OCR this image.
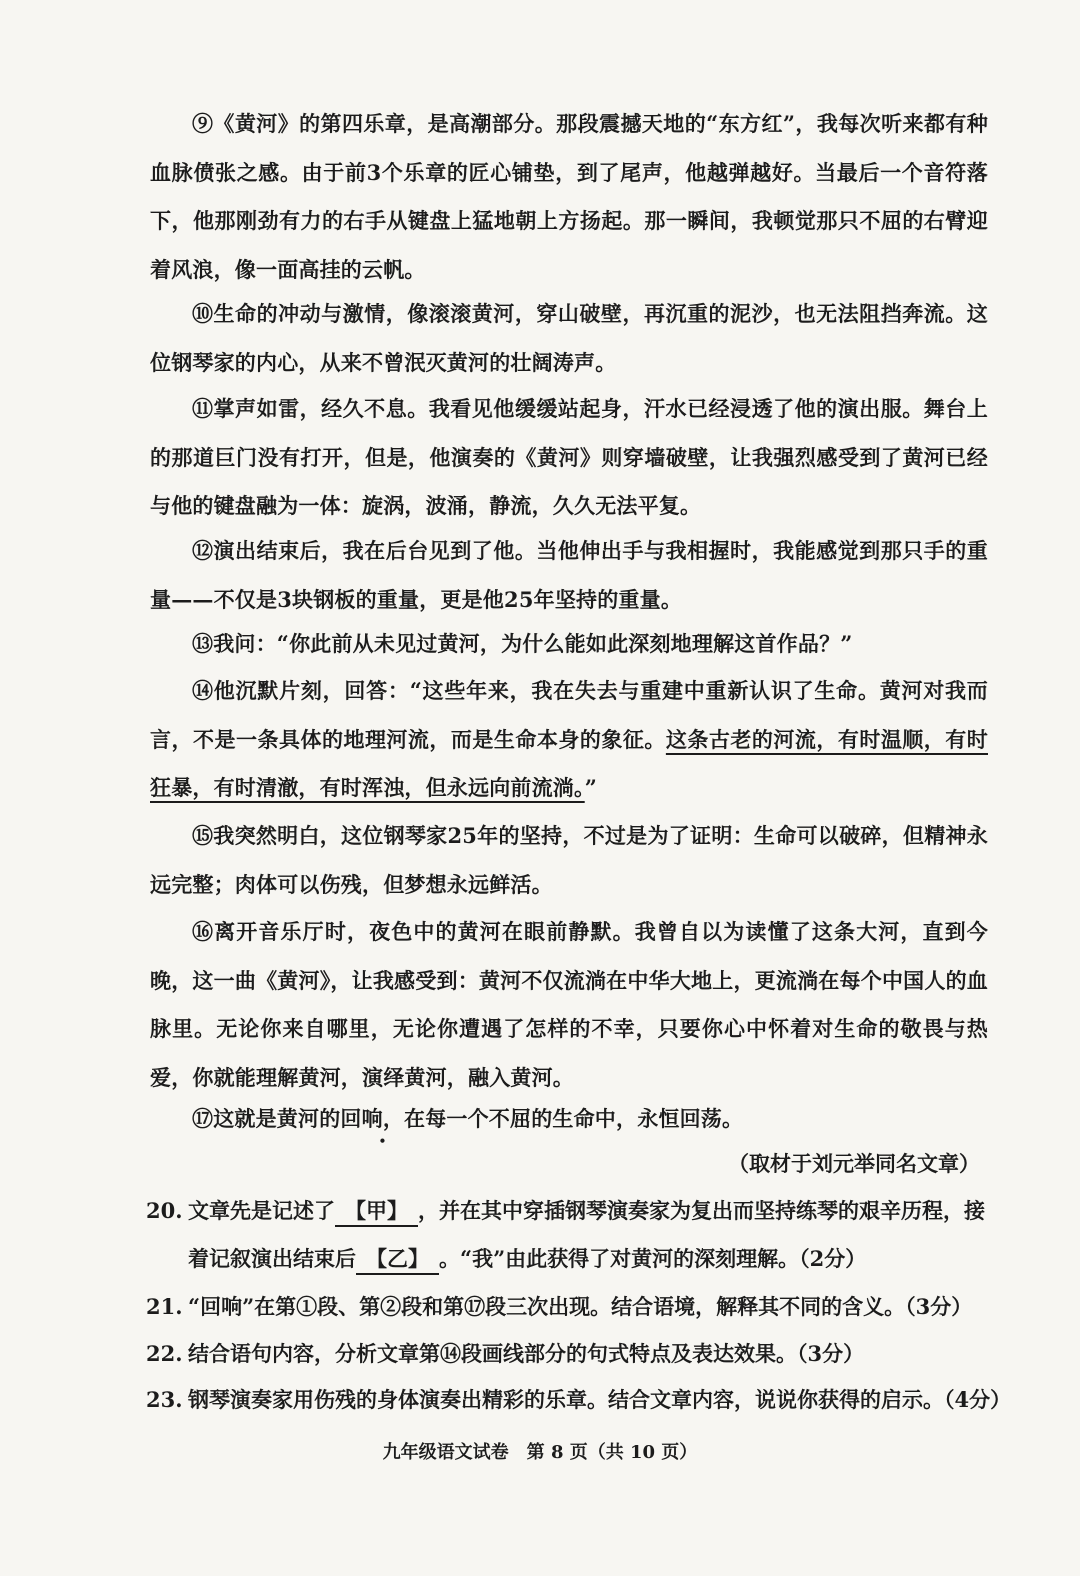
⑨《黄河》的第四乐章，是高潮部分。那段震撼天地的“东方红”，我每次听来都有种血脉偾张之感。由于前3个乐章的匠心铺垫，到了尾声，他越弹越好。当最后一个音符落下，他那刚劲有力的右手从键盘上猛地朝上方扬起。那一瞬间，我顿觉那只不屈的右臂迎着风浪，像一面高挂的云帆。

⑩生命的冲动与激情，像滚滚黄河，穿山破壁，再沉重的泥沙，也无法阻挡奔流。这位钢琴家的内心，从来不曾泯灭黄河的壮阔涛声。

⑪掌声如雷，经久不息。我看见他缓缓站起身，汗水已经浸透了他的演出服。舞台上的那道巨门没有打开，但是，他演奏的《黄河》则穿墙破壁，让我强烈感受到了黄河已经与他的键盘融为一体：旋涡，波涌，静流，久久无法平复。

⑫演出结束后，我在后台见到了他。当他伸出手与我相握时，我能感觉到那只手的重量——不仅是3块钢板的重量，更是他25年坚持的重量。

⑬我问：“你此前从未见过黄河，为什么能如此深刻地理解这首作品？”

⑭他沉默片刻，回答：“这些年来，我在失去与重建中重新认识了生命。黄河对我而言，不是一条具体的地理河流，而是生命本身的象征。这条古老的河流，有时温顺，有时狂暴，有时清澈，有时浑浊，但永远向前流淌。”

⑮我突然明白，这位钢琴家25年的坚持，不过是为了证明：生命可以破碎，但精神永远完整；肉体可以伤残，但梦想永远鲜活。

⑯离开音乐厅时，夜色中的黄河在眼前静默。我曾自以为读懂了这条大河，直到今晚，这一曲《黄河》，让我感受到：黄河不仅流淌在中华大地上，更流淌在每个中国人的血脉里。无论你来自哪里，无论你遭遇了怎样的不幸，只要你心中怀着对生命的敬畏与热爱，你就能理解黄河，演绎黄河，融入黄河。

⑰这就是黄河的回响，在每一个不屈的生命中，永恒回荡。

（取材于刘元举同名文章）
20. 文章先是记述了 【甲】 ，并在其中穿插钢琴演奏家为复出而坚持练琴的艰辛历程，接
着记叙演出结束后 【乙】 。“我”由此获得了对黄河的深刻理解。（2分）
21. “回响”在第①段、第②段和第⑰段三次出现。结合语境，解释其不同的含义。（3分）
22. 结合语句内容，分析文章第⑭段画线部分的句式特点及表达效果。（3分）
23. 钢琴演奏家用伤残的身体演奏出精彩的乐章。结合文章内容，说说你获得的启示。（4分）
九年级语文试卷　第 8 页（共 10 页）
